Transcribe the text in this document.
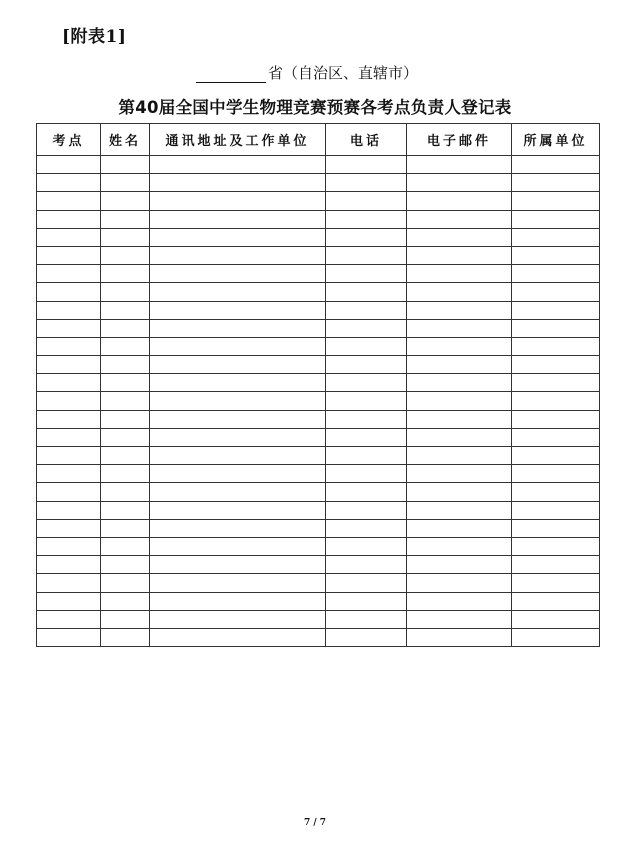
[附表1]
省（自治区、直辖市）
第40届全国中学生物理竞赛预赛各考点负责人登记表
考点	姓名	通讯地址及工作单位	电话	电子邮件	所属单位

7 / 7
